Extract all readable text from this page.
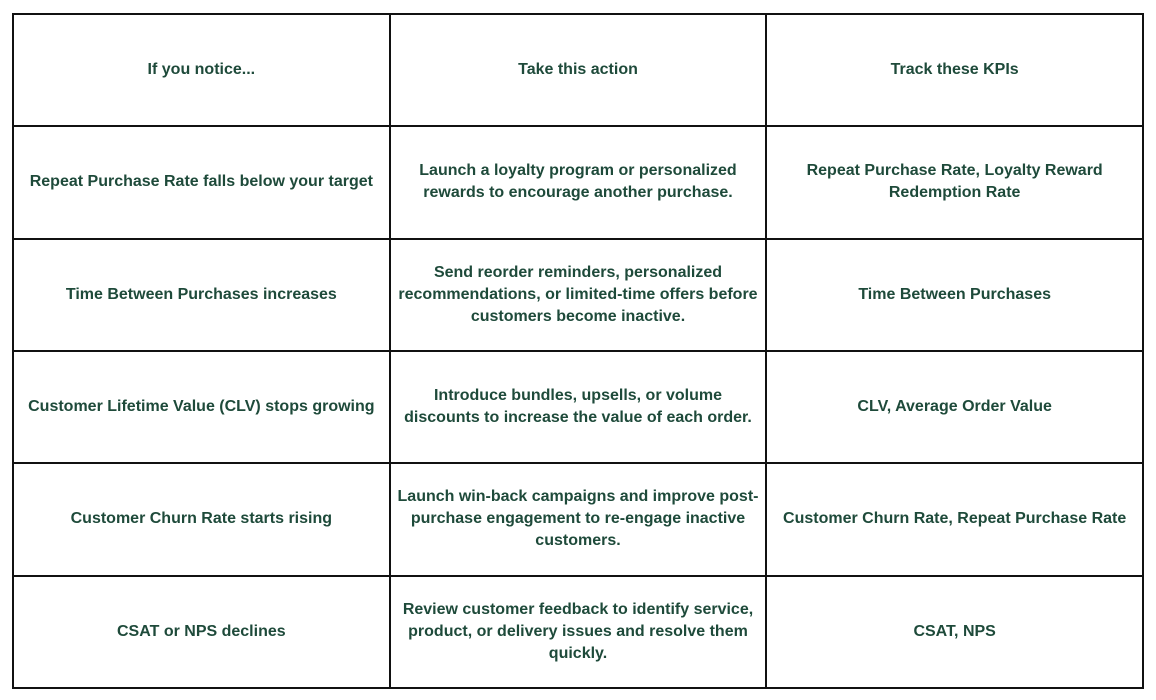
If you notice...	Take this action	Track these KPIs
Repeat Purchase Rate falls below your target
Launch a loyalty program or personalized rewards to encourage another purchase.
Repeat Purchase Rate, Loyalty Reward Redemption Rate
Time Between Purchases increases
Send reorder reminders, personalized recommendations, or limited-time offers before customers become inactive.
Time Between Purchases
Customer Lifetime Value (CLV) stops growing
Introduce bundles, upsells, or volume discounts to increase the value of each order.
CLV, Average Order Value
Customer Churn Rate starts rising
Launch win-back campaigns and improve post-purchase engagement to re-engage inactive customers.
Customer Churn Rate, Repeat Purchase Rate
CSAT or NPS declines
Review customer feedback to identify service, product, or delivery issues and resolve them quickly.
CSAT, NPS
